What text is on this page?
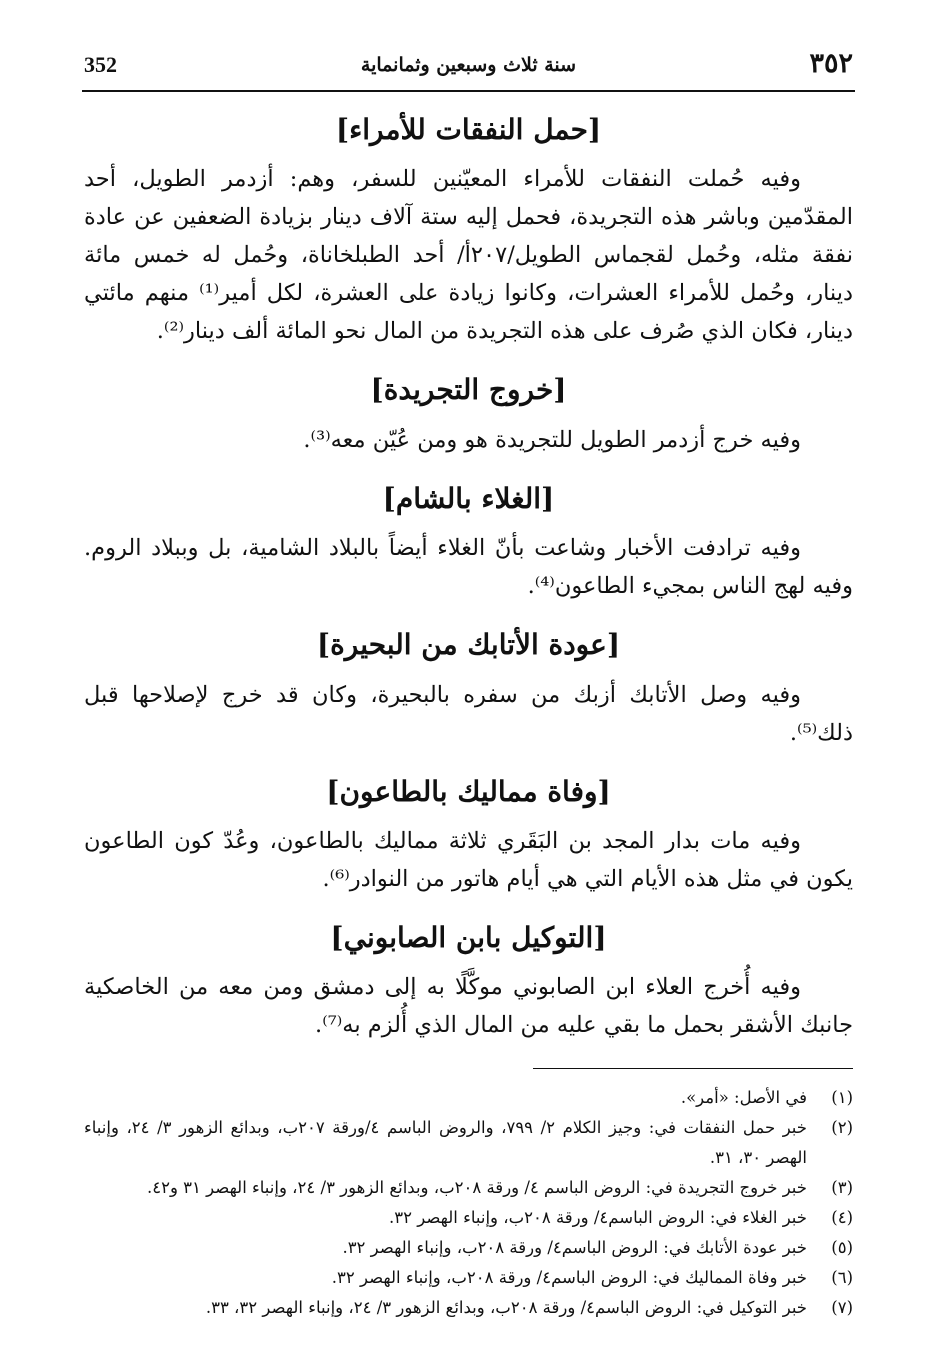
٣٥٢
سنة ثلاث وسبعين وثمانماية
352
[حمل النفقات للأمراء]

وفيه حُملت النفقات للأمراء المعيّنين للسفر، وهم: أزدمر الطويل، أحد المقدّمين وباشر هذه التجريدة، فحمل إليه ستة آلاف دينار بزيادة الضعفين عن عادة نفقة مثله، وحُمل لقجماس الطويل/٢٠٧أ/ أحد الطبلخاناة، وحُمل له خمس مائة دينار، وحُمل للأمراء العشرات، وكانوا زيادة على العشرة، لكل أمير⁽¹⁾ منهم مائتي دينار، فكان الذي صُرف على هذه التجريدة من المال نحو المائة ألف دينار⁽²⁾.

[خروج التجريدة]

وفيه خرج أزدمر الطويل للتجريدة هو ومن عُيّن معه⁽³⁾.

[الغلاء بالشام]

وفيه ترادفت الأخبار وشاعت بأنّ الغلاء أيضاً بالبلاد الشامية، بل وببلاد الروم. وفيه لهج الناس بمجيء الطاعون⁽⁴⁾.

[عودة الأتابك من البحيرة]

وفيه وصل الأتابك أزبك من سفره بالبحيرة، وكان قد خرج لإصلاحها قبل ذلك⁽⁵⁾.

[وفاة مماليك بالطاعون]

وفيه مات بدار المجد بن البَقَري ثلاثة مماليك بالطاعون، وعُدّ كون الطاعون يكون في مثل هذه الأيام التي هي أيام هاتور من النوادر⁽⁶⁾.

[التوكيل بابن الصابوني]

وفيه أُخرج العلاء ابن الصابوني موكَّلًا به إلى دمشق ومن معه من الخاصكية جانبك الأشقر بحمل ما بقي عليه من المال الذي أُلزم به⁽⁷⁾.

(١)
في الأصل: «أمر».
(٢)
خبر حمل النفقات في: وجيز الكلام ٢/ ٧٩٩، والروض الباسم ٤/ورقة ٢٠٧ب، وبدائع الزهور ٣/ ٢٤، وإنباء الهصر ٣٠، ٣١.
(٣)
خبر خروج التجريدة في: الروض الباسم ٤/ ورقة ٢٠٨ب، وبدائع الزهور ٣/ ٢٤، وإنباء الهصر ٣١ و٤٢.
(٤)
خبر الغلاء في: الروض الباسم٤/ ورقة ٢٠٨ب، وإنباء الهصر ٣٢.
(٥)
خبر عودة الأتابك في: الروض الباسم٤/ ورقة ٢٠٨ب، وإنباء الهصر ٣٢.
(٦)
خبر وفاة المماليك في: الروض الباسم٤/ ورقة ٢٠٨ب، وإنباء الهصر ٣٢.
(٧)
خبر التوكيل في: الروض الباسم٤/ ورقة ٢٠٨ب، وبدائع الزهور ٣/ ٢٤، وإنباء الهصر ٣٢، ٣٣.
